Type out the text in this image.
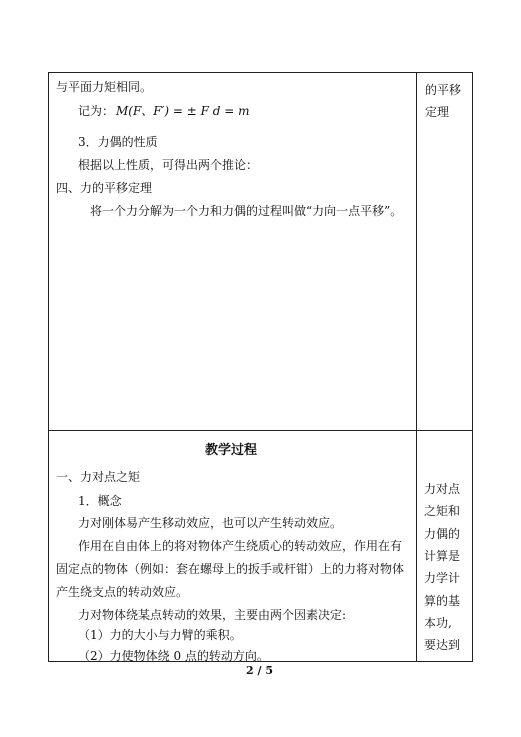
与平面力矩相同。
记为： M(F、F′) = ± F d = m
3．力偶的性质
根据以上性质，可得出两个推论：
四、力的平移定理
将一个力分解为一个力和力偶的过程叫做“力向一点平移”。
的平移
定理
教学过程
一、力对点之矩
1．概念
力对刚体易产生移动效应，也可以产生转动效应。
作用在自由体上的将对物体产生绕质心的转动效应，作用在有
固定点的物体（例如：套在螺母上的扳手或杆钳）上的力将对物体
产生绕支点的转动效应。
力对物体绕某点转动的效果，主要由两个因素决定:
（1）力的大小与力臂的乘积。
（2）力使物体绕 0 点的转动方向。
力对点
之矩和
力偶的
计算是
力学计
算的基
本功,
要达到
2 / 5
